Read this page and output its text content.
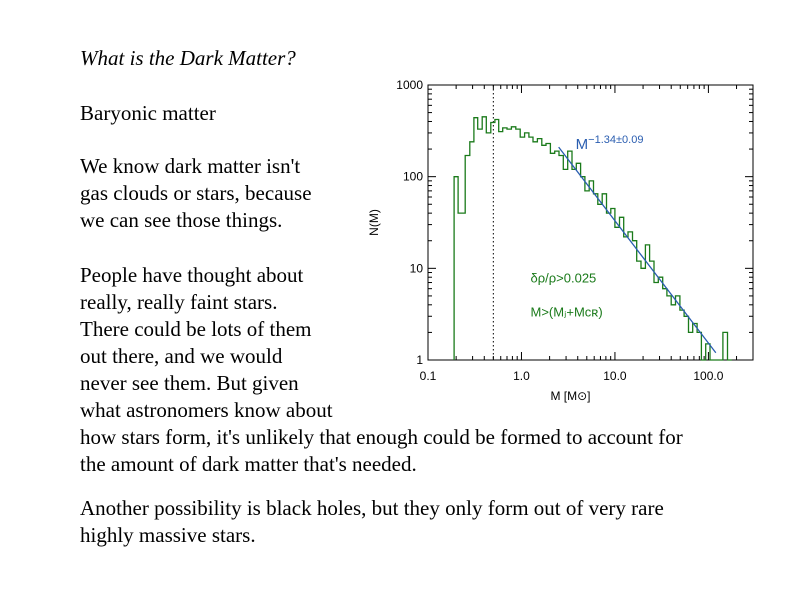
What is the Dark Matter?
Baryonic matter
We know dark matter isn't
gas clouds or stars, because
we can see those things.
People have thought about
really, really faint stars.
There could be lots of them
out there, and we would
never see them. But given
what astronomers know about
how stars form, it's unlikely that enough could be formed to account for
the amount of dark matter that's needed.
Another possibility is black holes, but they only form out of very rare
highly massive stars.
0.1	1.0	10.0	100.0
1
10
100
1000
M [M⊙]
N(M)
$M^{-1.34\pm 0.09}$
δρ/ρ>0.025
M>(Mⱼ+Mᴄʀ)
